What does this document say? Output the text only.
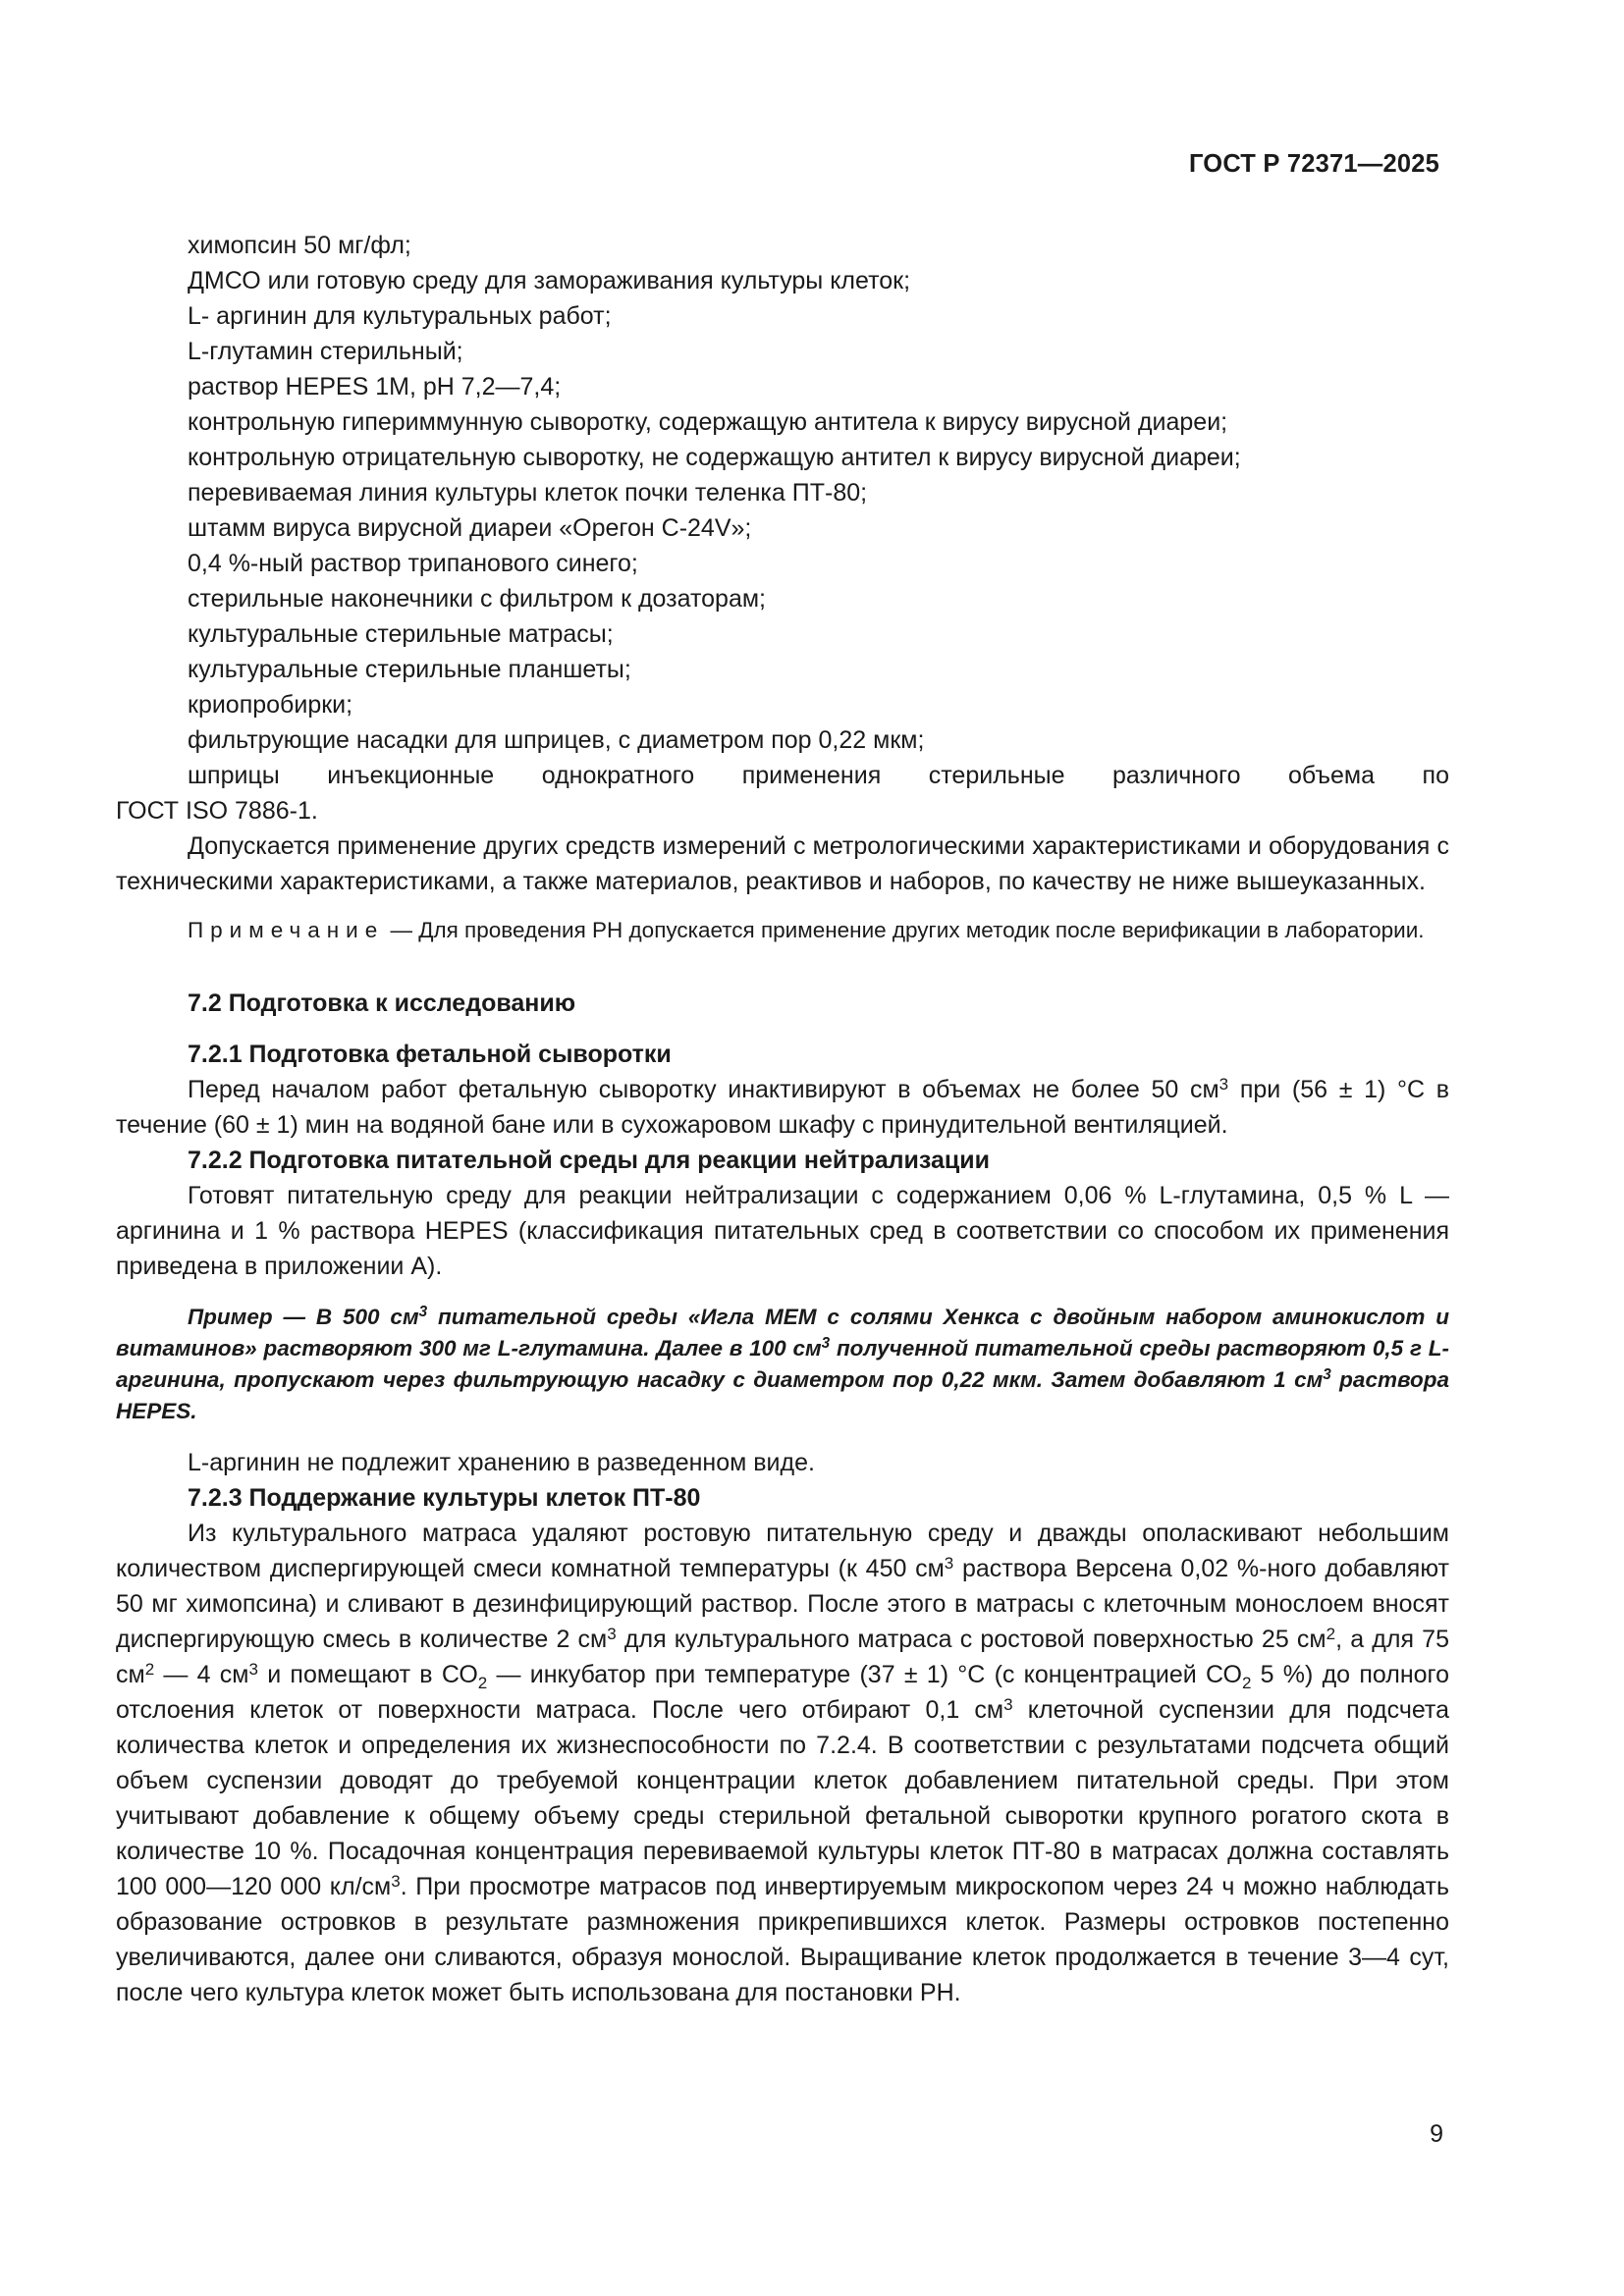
ГОСТ Р 72371—2025
химопсин 50 мг/фл;
ДМСО или готовую среду для замораживания культуры клеток;
L- аргинин для культуральных работ;
L-глутамин стерильный;
раствор HEPES 1M, pH 7,2—7,4;
контрольную гипериммунную сыворотку, содержащую антитела к вирусу вирусной диареи;
контрольную отрицательную сыворотку, не содержащую антител к вирусу вирусной диареи;
перевиваемая линия культуры клеток почки теленка ПТ-80;
штамм вируса вирусной диареи «Орегон С-24V»;
0,4 %-ный раствор трипанового синего;
стерильные наконечники с фильтром к дозаторам;
культуральные стерильные матрасы;
культуральные стерильные планшеты;
криопробирки;
фильтрующие насадки для шприцев, с диаметром пор 0,22 мкм;
шприцы инъекционные однократного применения стерильные различного объема по
ГОСТ ISO 7886-1.

Допускается применение других средств измерений с метрологическими характеристиками и оборудования с техническими характеристиками, а также материалов, реактивов и наборов, по качеству не ниже вышеуказанных.

Примечание — Для проведения РН допускается применение других методик после верификации в лаборатории.

7.2 Подготовка к исследованию
7.2.1 Подготовка фетальной сыворотки

Перед началом работ фетальную сыворотку инактивируют в объемах не более 50 $см^3$ при (56 ± 1) °С в течение (60 ± 1) мин на водяной бане или в сухожаровом шкафу с принудительной вентиляцией.

7.2.2 Подготовка питательной среды для реакции нейтрализации

Готовят питательную среду для реакции нейтрализации с содержанием 0,06 % L-глутамина, 0,5 % L — аргинина и 1 % раствора HEPES (классификация питательных сред в соответствии со способом их применения приведена в приложении А).

Пример — В 500 $см^3$ питательной среды «Игла МЕМ с солями Хенкса с двойным набором аминокислот и витаминов» растворяют 300 мг L-глутамина. Далее в 100 $см^3$ полученной питательной среды растворяют 0,5 г L-аргинина, пропускают через фильтрующую насадку с диаметром пор 0,22 мкм. Затем добавляют 1 $см^3$ раствора HEPES.

L-аргинин не подлежит хранению в разведенном виде.

7.2.3 Поддержание культуры клеток ПТ-80

Из культурального матраса удаляют ростовую питательную среду и дважды ополаскивают небольшим количеством диспергирующей смеси комнатной температуры (к 450 $см^3$ раствора Версена 0,02 %-ного добавляют 50 мг химопсина) и сливают в дезинфицирующий раствор. После этого в матрасы с клеточным монослоем вносят диспергирующую смесь в количестве 2 $см^3$ для культурального матраса с ростовой поверхностью 25 $см^2$, а для 75 $см^2$ — 4 $см^3$ и помещают в $СО_2$ — инкубатор при температуре (37 ± 1) °С (с концентрацией $СО_2$ 5 %) до полного отслоения клеток от поверхности матраса. После чего отбирают 0,1 $см^3$ клеточной суспензии для подсчета количества клеток и определения их жизнеспособности по 7.2.4. В соответствии с результатами подсчета общий объем суспензии доводят до требуемой концентрации клеток добавлением питательной среды. При этом учитывают добавление к общему объему среды стерильной фетальной сыворотки крупного рогатого скота в количестве 10 %. Посадочная концентрация перевиваемой культуры клеток ПТ-80 в матрасах должна составлять 100 000—120 000 $кл/см^3$. При просмотре матрасов под инвертируемым микроскопом через 24 ч можно наблюдать образование островков в результате размножения прикрепившихся клеток. Размеры островков постепенно увеличиваются, далее они сливаются, образуя монослой. Выращивание клеток продолжается в течение 3—4 сут, после чего культура клеток может быть использована для постановки РН.

9
